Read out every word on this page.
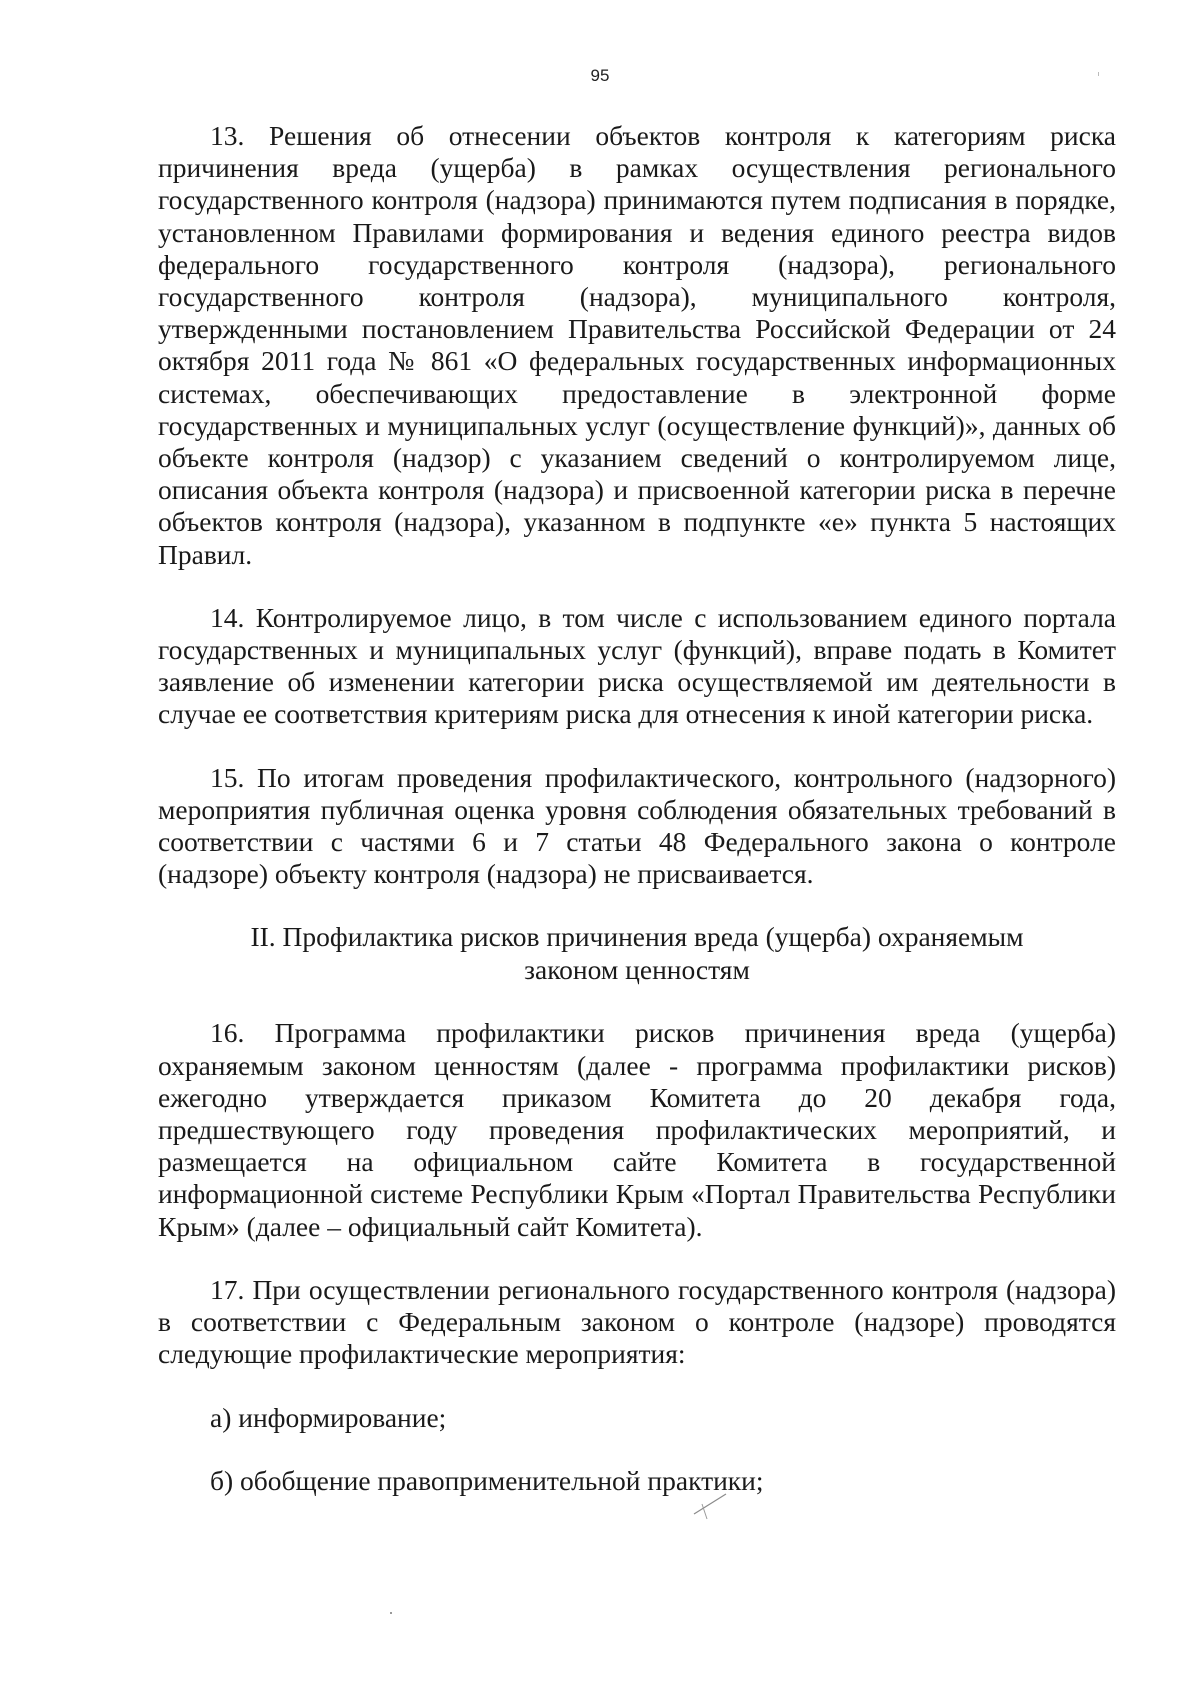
95

13. Решения об отнесении объектов контроля к категориям риска причинения вреда (ущерба) в рамках осуществления регионального государственного контроля (надзора) принимаются путем подписания в порядке, установленном Правилами формирования и ведения единого реестра видов федерального государственного контроля (надзора), регионального государственного контроля (надзора), муниципального контроля, утвержденными постановлением Правительства Российской Федерации от 24 октября 2011 года № 861 «О федеральных государственных информационных системах, обеспечивающих предоставление в электронной форме государственных и муниципальных услуг (осуществление функций)», данных об объекте контроля (надзор) с указанием сведений о контролируемом лице, описания объекта контроля (надзора) и присвоенной категории риска в перечне объектов контроля (надзора), указанном в подпункте «е» пункта 5 настоящих Правил.

14. Контролируемое лицо, в том числе с использованием единого портала государственных и муниципальных услуг (функций), вправе подать в Комитет заявление об изменении категории риска осуществляемой им деятельности в случае ее соответствия критериям риска для отнесения к иной категории риска.

15. По итогам проведения профилактического, контрольного (надзорного) мероприятия публичная оценка уровня соблюдения обязательных требований в соответствии с частями 6 и 7 статьи 48 Федерального закона о контроле (надзоре) объекту контроля (надзора) не присваивается.

II. Профилактика рисков причинения вреда (ущерба) охраняемым
законом ценностям

16. Программа профилактики рисков причинения вреда (ущерба) охраняемым законом ценностям (далее - программа профилактики рисков) ежегодно утверждается приказом Комитета до 20 декабря года, предшествующего году проведения профилактических мероприятий, и размещается на официальном сайте Комитета в государственной информационной системе Республики Крым «Портал Правительства Республики Крым» (далее – официальный сайт Комитета).

17. При осуществлении регионального государственного контроля (надзора) в соответствии с Федеральным законом о контроле (надзоре) проводятся следующие профилактические мероприятия:

а) информирование;

б) обобщение правоприменительной практики;
